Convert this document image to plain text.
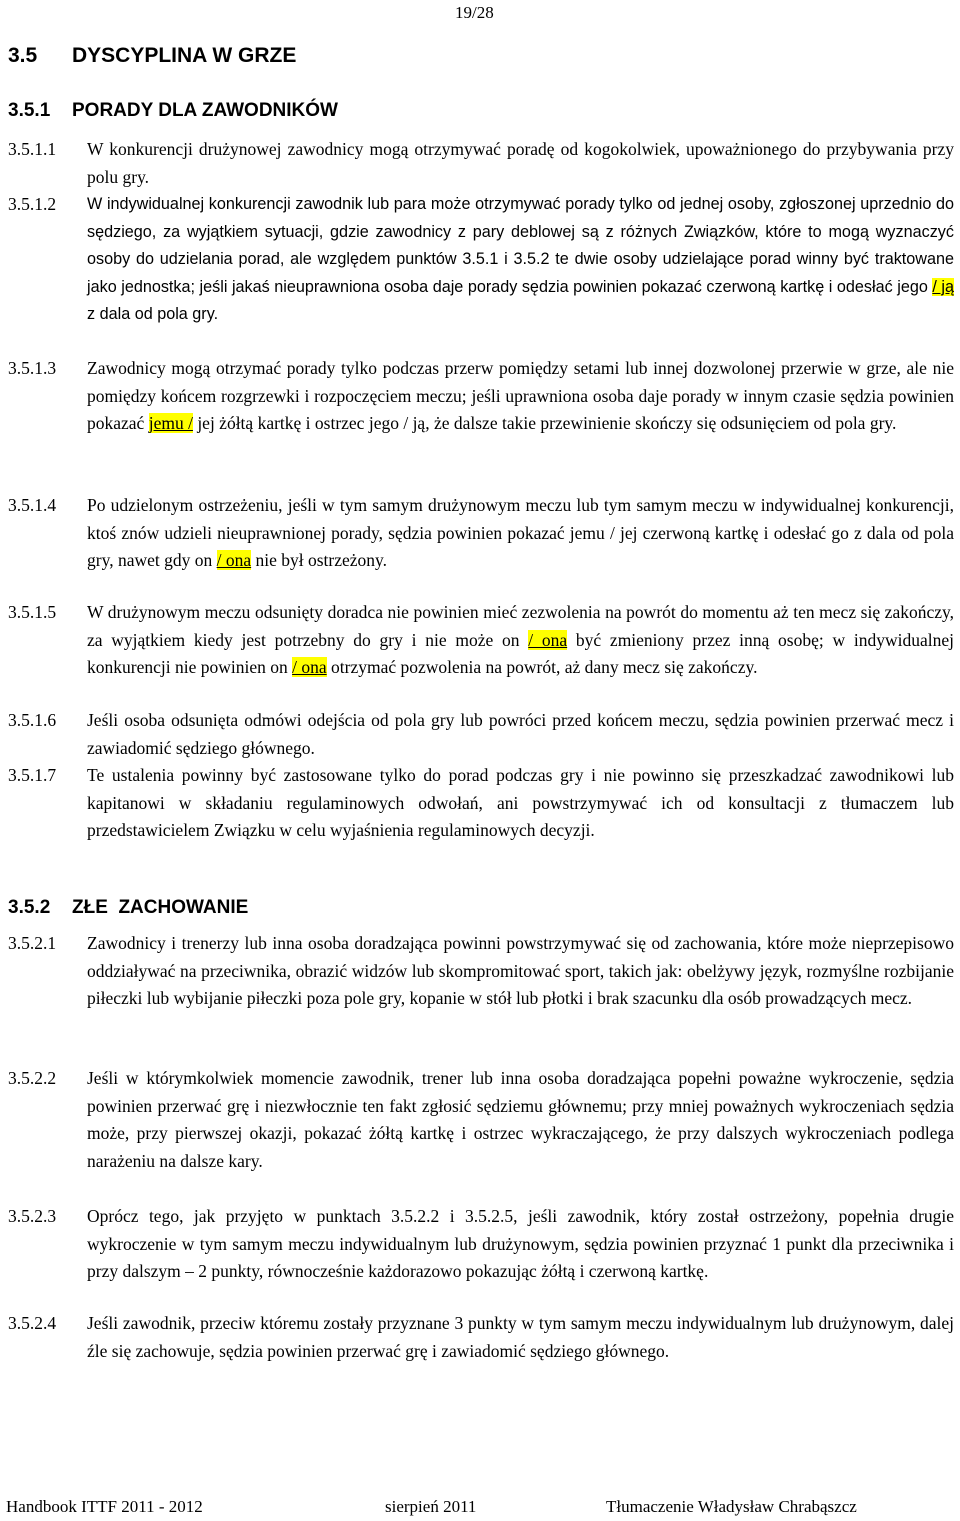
19/28
3.5 DYSCYPLINA W GRZE
3.5.1 PORADY DLA ZAWODNIKÓW
3.5.1.1	W konkurencji drużynowej zawodnicy mogą otrzymywać poradę od kogokolwiek, upoważnionego do przybywania przy polu gry.
3.5.1.2	W indywidualnej konkurencji zawodnik lub para może otrzymywać porady tylko od jednej osoby, zgłoszonej uprzednio do sędziego, za wyjątkiem sytuacji, gdzie zawodnicy z pary deblowej są z różnych Związków, które to mogą wyznaczyć osoby do udzielania porad, ale względem punktów 3.5.1 i 3.5.2 te dwie osoby udzielające porad winny być traktowane jako jednostka; jeśli jakaś nieuprawniona osoba daje porady sędzia powinien pokazać czerwoną kartkę i odesłać jego / ją z dala od pola gry.
3.5.1.3	Zawodnicy mogą otrzymać porady tylko podczas przerw pomiędzy setami lub innej dozwolonej przerwie w grze, ale nie pomiędzy końcem rozgrzewki i rozpoczęciem meczu; jeśli uprawniona osoba daje porady w innym czasie sędzia powinien pokazać jemu / jej żółtą kartkę i ostrzec jego / ją, że dalsze takie przewinienie skończy się odsunięciem od pola gry.
3.5.1.4	Po udzielonym ostrzeżeniu, jeśli w tym samym drużynowym meczu lub tym samym meczu w indywidualnej konkurencji, ktoś znów udzieli nieuprawnionej porady, sędzia powinien pokazać jemu / jej czerwoną kartkę i odesłać go z dala od pola gry, nawet gdy on / ona nie był ostrzeżony.
3.5.1.5	W drużynowym meczu odsunięty doradca nie powinien mieć zezwolenia na powrót do momentu aż ten mecz się zakończy, za wyjątkiem kiedy jest potrzebny do gry i nie może on / ona być zmieniony przez inną osobę; w indywidualnej konkurencji nie powinien on / ona otrzymać pozwolenia na powrót, aż dany mecz się zakończy.
3.5.1.6	Jeśli osoba odsunięta odmówi odejścia od pola gry lub powróci przed końcem meczu, sędzia powinien przerwać mecz i zawiadomić sędziego głównego.
3.5.1.7	Te ustalenia powinny być zastosowane tylko do porad podczas gry i nie powinno się przeszkadzać zawodnikowi lub kapitanowi w składaniu regulaminowych odwołań, ani powstrzymywać ich od konsultacji z tłumaczem lub przedstawicielem Związku w celu wyjaśnienia regulaminowych decyzji.
3.5.2 ZŁE  ZACHOWANIE
3.5.2.1	Zawodnicy i trenerzy lub inna osoba doradzająca powinni powstrzymywać się od zachowania, które może nieprzepisowo oddziaływać na przeciwnika, obrazić widzów lub skompromitować sport, takich jak: obelżywy język, rozmyślne rozbijanie piłeczki lub wybijanie piłeczki poza pole gry, kopanie w stół lub płotki i brak szacunku dla osób prowadzących mecz.
3.5.2.2	Jeśli w którymkolwiek momencie zawodnik, trener lub inna osoba doradzająca popełni poważne wykroczenie, sędzia powinien przerwać grę i niezwłocznie ten fakt zgłosić sędziemu głównemu; przy mniej poważnych wykroczeniach sędzia może, przy pierwszej okazji, pokazać żółtą kartkę i ostrzec wykraczającego, że przy dalszych wykroczeniach podlega narażeniu na dalsze kary.
3.5.2.3	Oprócz tego, jak przyjęto w punktach 3.5.2.2 i 3.5.2.5, jeśli zawodnik, który został ostrzeżony, popełnia drugie wykroczenie w tym samym meczu indywidualnym lub drużynowym, sędzia powinien przyznać 1 punkt dla przeciwnika i przy dalszym – 2 punkty, równocześnie każdorazowo pokazując żółtą i czerwoną kartkę.
3.5.2.4	Jeśli zawodnik, przeciw któremu zostały przyznane 3 punkty w tym samym meczu indywidualnym lub drużynowym, dalej źle się zachowuje, sędzia powinien przerwać grę i zawiadomić sędziego głównego.
Handbook ITTF 2011 - 2012	sierpień 2011	Tłumaczenie Władysław Chrabąszcz
